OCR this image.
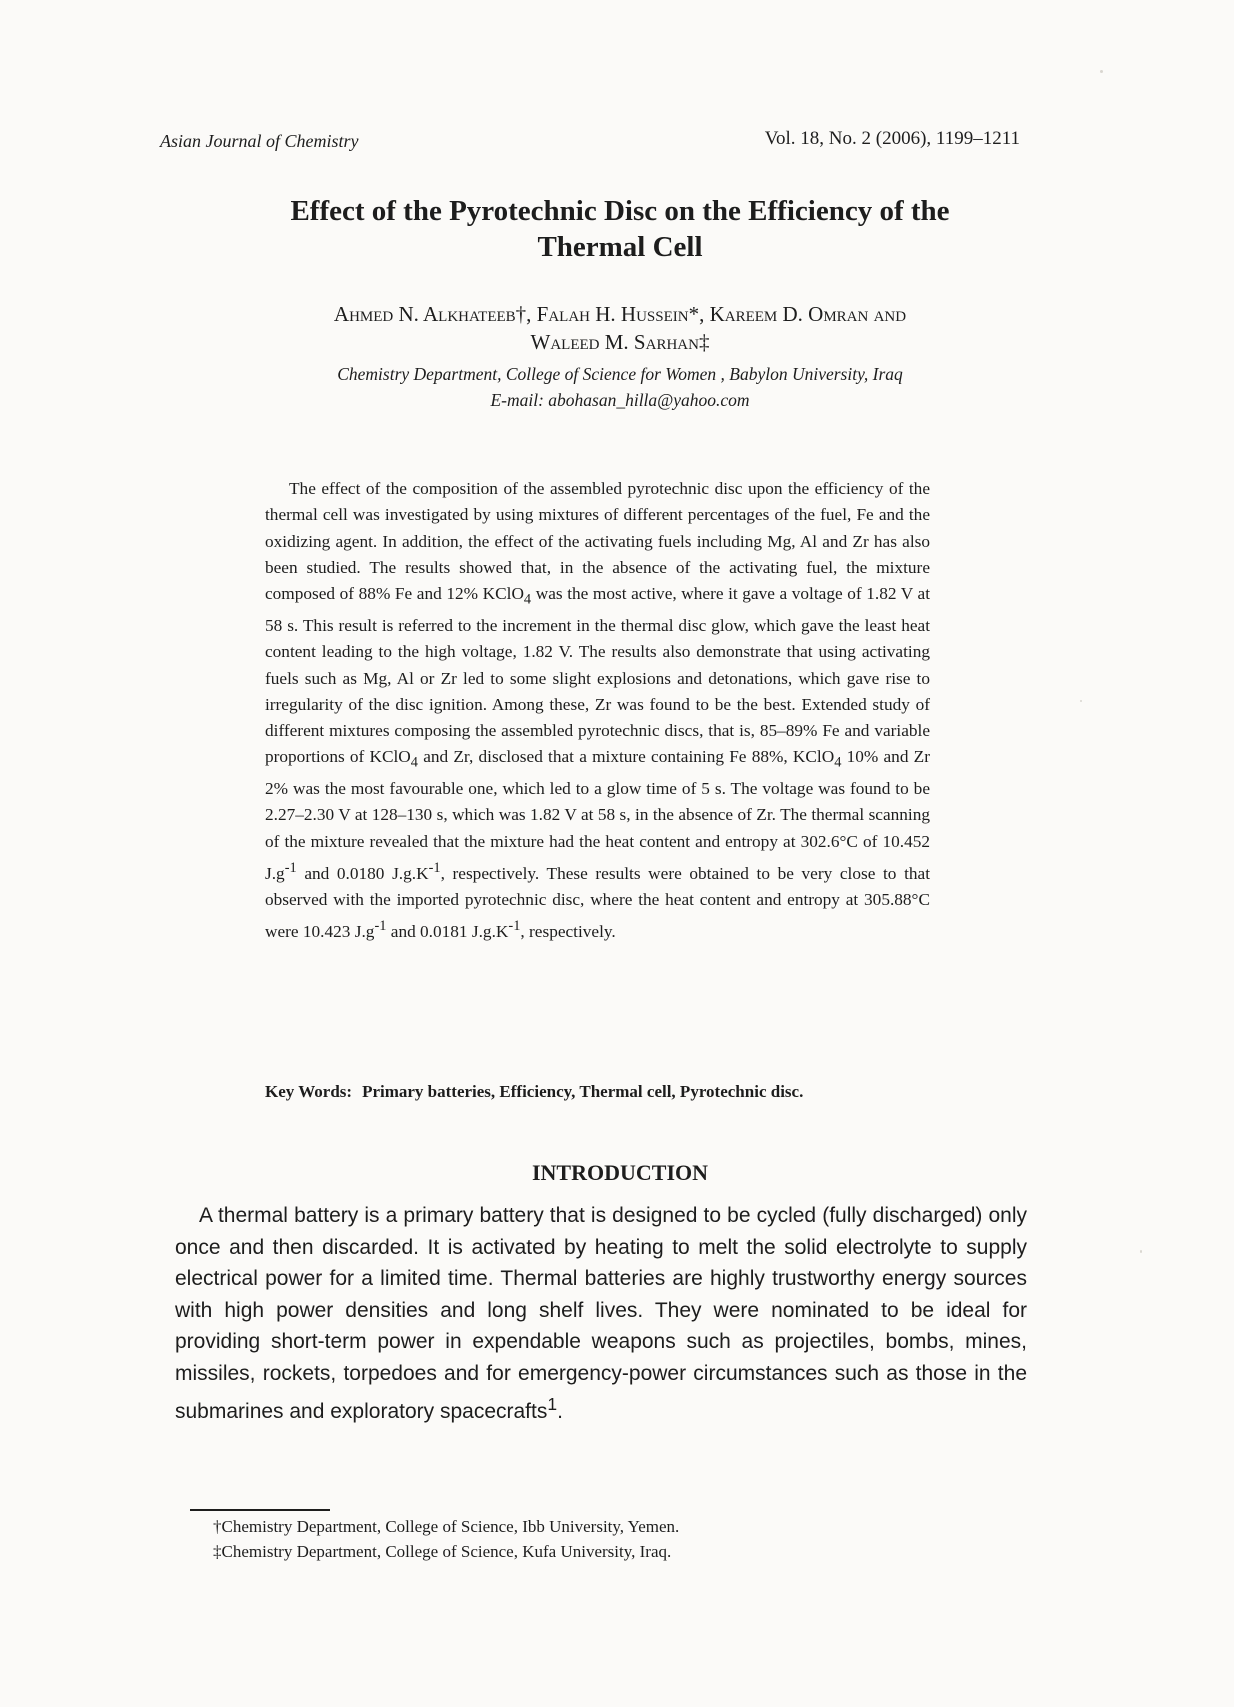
Asian Journal of Chemistry	Vol. 18, No. 2 (2006), 1199–1211
Effect of the Pyrotechnic Disc on the Efficiency of the
Thermal Cell
Ahmed N. Alkhateeb†, Falah H. Hussein*, Kareem D. Omran and
Waleed M. Sarhan‡
Chemistry Department, College of Science for Women , Babylon University, Iraq
E-mail: abohasan_hilla@yahoo.com

The effect of the composition of the assembled pyrotechnic disc upon the efficiency of the thermal cell was investigated by using mixtures of different percentages of the fuel, Fe and the oxidizing agent. In addition, the effect of the activating fuels including Mg, Al and Zr has also been studied. The results showed that, in the absence of the activating fuel, the mixture composed of 88% Fe and 12% KClO$_4$ was the most active, where it gave a voltage of 1.82 V at 58 s. This result is referred to the increment in the thermal disc glow, which gave the least heat content leading to the high voltage, 1.82 V. The results also demonstrate that using activating fuels such as Mg, Al or Zr led to some slight explosions and detonations, which gave rise to irregularity of the disc ignition. Among these, Zr was found to be the best. Extended study of different mixtures composing the assembled pyrotechnic discs, that is, 85–89% Fe and variable proportions of KClO$_4$ and Zr, disclosed that a mixture containing Fe 88%, KClO$_4$ 10% and Zr 2% was the most favourable one, which led to a glow time of 5 s. The voltage was found to be 2.27–2.30 V at 128–130 s, which was 1.82 V at 58 s, in the absence of Zr. The thermal scanning of the mixture revealed that the mixture had the heat content and entropy at 302.6°C of 10.452 $J.g^{-1}$ and 0.0180 $J.g.K^{-1}$, respectively. These results were obtained to be very close to that observed with the imported pyrotechnic disc, where the heat content and entropy at 305.88°C were 10.423 $J.g^{-1}$ and 0.0181 $J.g.K^{-1}$, respectively.

Key Words: Primary batteries, Efficiency, Thermal cell, Pyrotechnic disc.
INTRODUCTION

A thermal battery is a primary battery that is designed to be cycled (fully discharged) only once and then discarded. It is activated by heating to melt the solid electrolyte to supply electrical power for a limited time. Thermal batteries are highly trustworthy energy sources with high power densities and long shelf lives. They were nominated to be ideal for providing short-term power in expendable weapons such as projectiles, bombs, mines, missiles, rockets, torpedoes and for emergency-power circumstances such as those in the submarines and exploratory spacecrafts$^1$.

†Chemistry Department, College of Science, Ibb University, Yemen.
‡Chemistry Department, College of Science, Kufa University, Iraq.
